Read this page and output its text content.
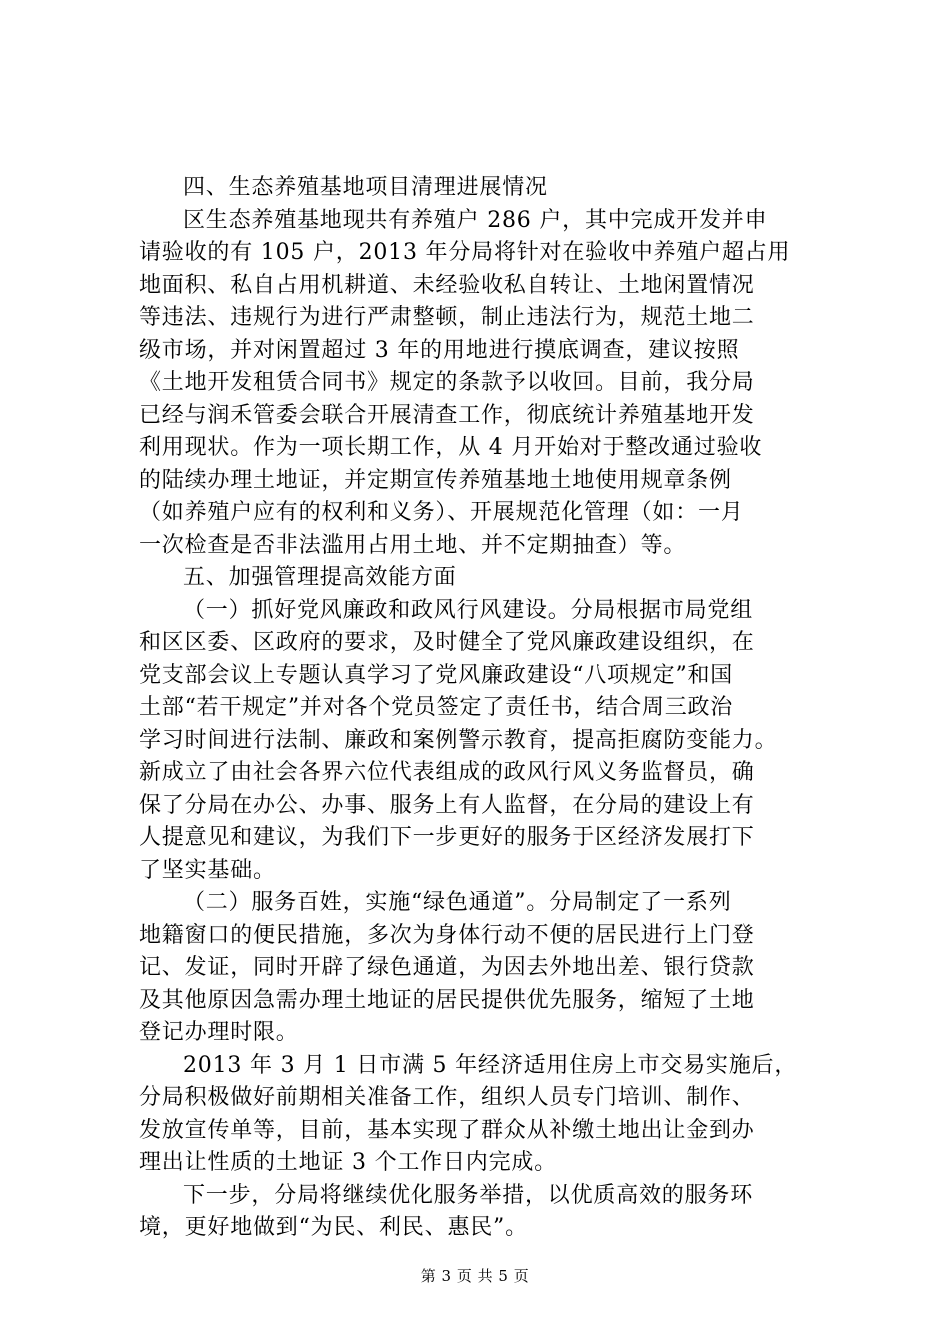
四、生态养殖基地项目清理进展情况
区生态养殖基地现共有养殖户 286 户，其中完成开发并申
请验收的有 105 户，2013 年分局将针对在验收中养殖户超占用
地面积、私自占用机耕道、未经验收私自转让、土地闲置情况
等违法、违规行为进行严肃整顿，制止违法行为，规范土地二
级市场，并对闲置超过 3 年的用地进行摸底调查，建议按照
《土地开发租赁合同书》规定的条款予以收回。目前，我分局
已经与润禾管委会联合开展清查工作，彻底统计养殖基地开发
利用现状。作为一项长期工作，从 4 月开始对于整改通过验收
的陆续办理土地证，并定期宣传养殖基地土地使用规章条例
（如养殖户应有的权利和义务）、开展规范化管理（如：一月
一次检查是否非法滥用占用土地、并不定期抽查）等。
五、加强管理提高效能方面
（一）抓好党风廉政和政风行风建设。分局根据市局党组
和区区委、区政府的要求，及时健全了党风廉政建设组织，在
党支部会议上专题认真学习了党风廉政建设“八项规定”和国
土部“若干规定”并对各个党员签定了责任书，结合周三政治
学习时间进行法制、廉政和案例警示教育，提高拒腐防变能力。
新成立了由社会各界六位代表组成的政风行风义务监督员，确
保了分局在办公、办事、服务上有人监督，在分局的建设上有
人提意见和建议，为我们下一步更好的服务于区经济发展打下
了坚实基础。
（二）服务百姓，实施“绿色通道”。分局制定了一系列
地籍窗口的便民措施，多次为身体行动不便的居民进行上门登
记、发证，同时开辟了绿色通道，为因去外地出差、银行贷款
及其他原因急需办理土地证的居民提供优先服务，缩短了土地
登记办理时限。
2013 年 3 月 1 日市满 5 年经济适用住房上市交易实施后，
分局积极做好前期相关准备工作，组织人员专门培训、制作、
发放宣传单等，目前，基本实现了群众从补缴土地出让金到办
理出让性质的土地证 3 个工作日内完成。
下一步，分局将继续优化服务举措，以优质高效的服务环
境，更好地做到“为民、利民、惠民”。
第 3 页 共 5 页
